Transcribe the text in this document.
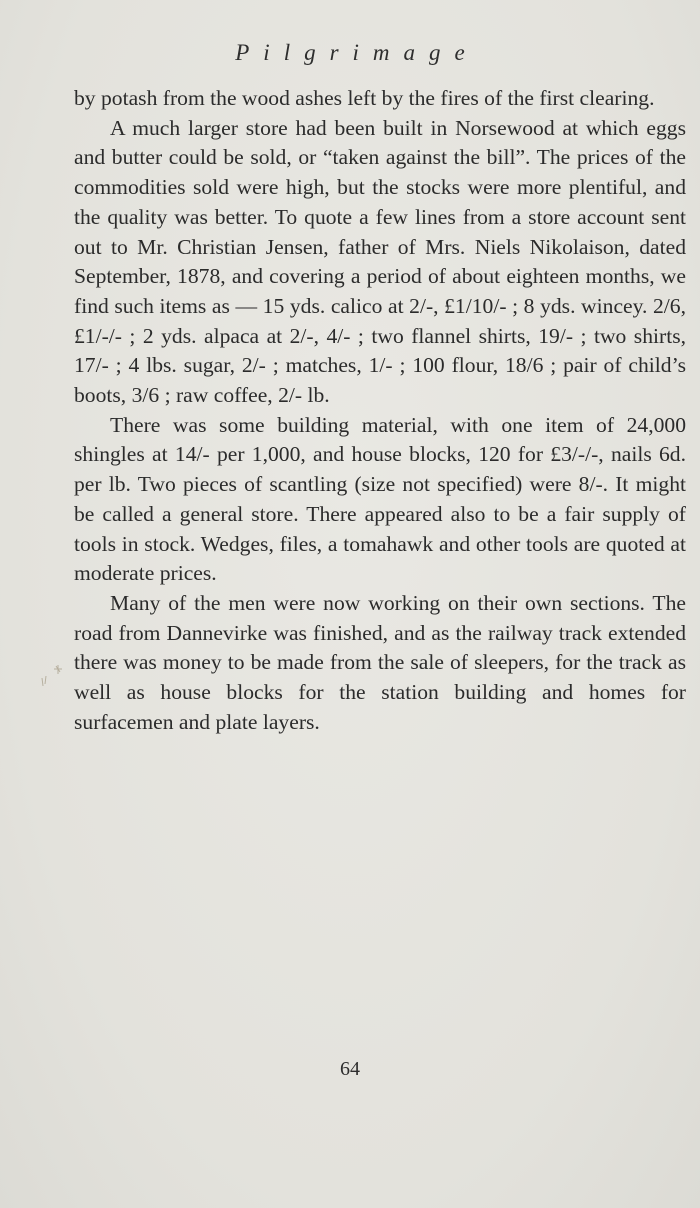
Pilgrimage

by potash from the wood ashes left by the fires of the first clearing.

A much larger store had been built in Norsewood at which eggs and butter could be sold, or “taken against the bill”. The prices of the commodities sold were high, but the stocks were more plentiful, and the quality was better. To quote a few lines from a store account sent out to Mr. Christian Jensen, father of Mrs. Niels Nikolaison, dated September, 1878, and covering a period of about eighteen months, we find such items as — 15 yds. calico at 2/-, £1/10/- ; 8 yds. wincey. 2/6, £1/-/- ; 2 yds. alpaca at 2/-, 4/- ; two flannel shirts, 19/- ; two shirts, 17/- ; 4 lbs. sugar, 2/- ; matches, 1/- ; 100 flour, 18/6 ; pair of child’s boots, 3/6 ; raw coffee, 2/- lb.

There was some building material, with one item of 24,000 shingles at 14/- per 1,000, and house blocks, 120 for £3/-/-, nails 6d. per lb. Two pieces of scantling (size not specified) were 8/-. It might be called a general store. There appeared also to be a fair supply of tools in stock. Wedges, files, a tomahawk and other tools are quoted at moderate prices.

Many of the men were now working on their own sections. The road from Dannevirke was finished, and as the railway track extended there was money to be made from the sale of sleepers, for the track as well as house blocks for the station building and homes for surfacemen and plate layers.

64
